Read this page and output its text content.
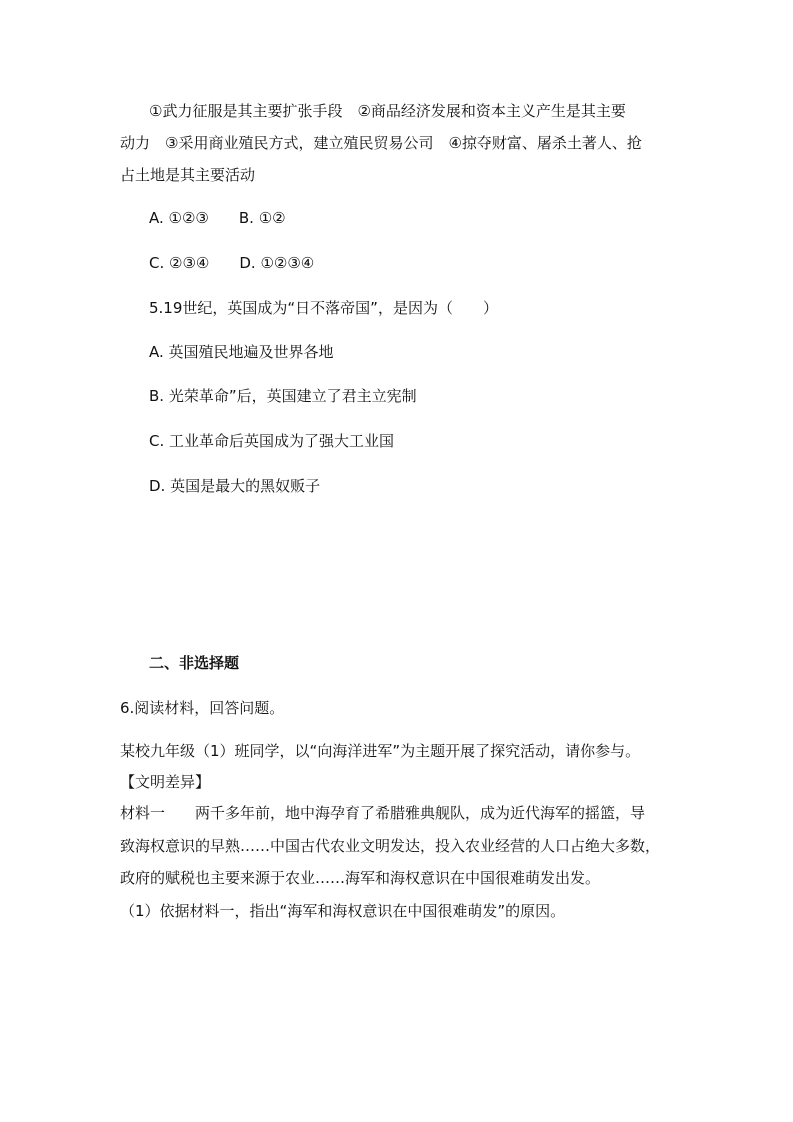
①武力征服是其主要扩张手段　②商品经济发展和资本主义产生是其主要
动力　③采用商业殖民方式，建立殖民贸易公司　④掠夺财富、屠杀土著人、抢
占土地是其主要活动
A. ①②③　　B. ①②
C. ②③④　　D. ①②③④
5.19世纪，英国成为“日不落帝国”，是因为（　　）
A. 英国殖民地遍及世界各地
B. 光荣革命”后，英国建立了君主立宪制
C. 工业革命后英国成为了强大工业国
D. 英国是最大的黑奴贩子
二、非选择题
6.阅读材料，回答问题。
某校九年级（1）班同学，以“向海洋进军”为主题开展了探究活动，请你参与。
【文明差异】
材料一　　两千多年前，地中海孕育了希腊雅典舰队，成为近代海军的摇篮，导
致海权意识的早熟……中国古代农业文明发达，投入农业经营的人口占绝大多数，
政府的赋税也主要来源于农业……海军和海权意识在中国很难萌发出发。
（1）依据材料一，指出“海军和海权意识在中国很难萌发”的原因。
